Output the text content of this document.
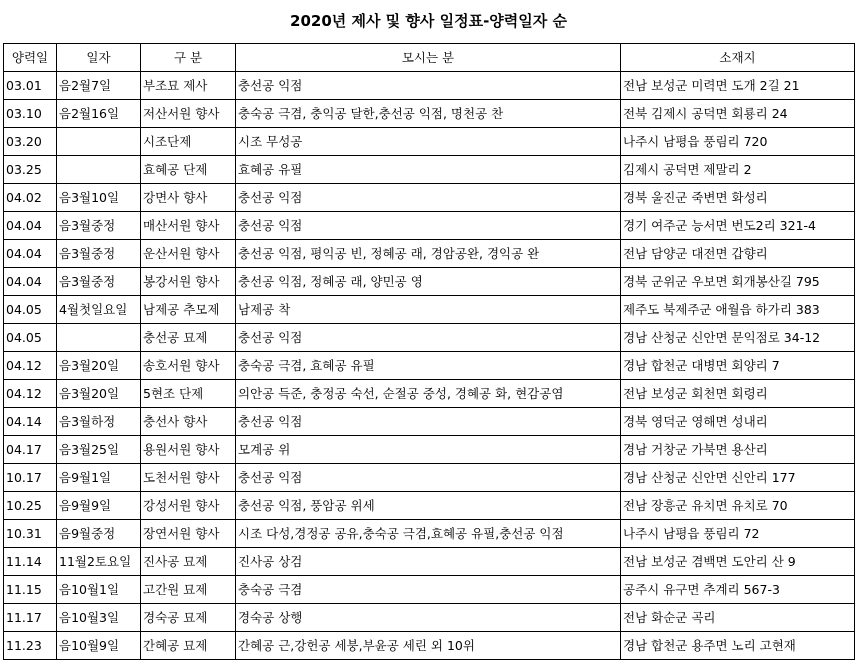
2020년 제사 및 향사 일정표-양력일자 순
양력일	일자	구 분	모시는 분	소재지
03.01	음2월7일	부조묘 제사	충선공 익점	전남 보성군 미력면 도개 2길 21
03.10	음2월16일	저산서원 향사	충숙공 극겸, 충익공 달한,충선공 익점, 명천공 찬	전북 김제시 공덕면 회룡리 24
03.20		시조단제	시조 무성공	나주시 남평읍 풍림리 720
03.25		효혜공 단제	효혜공 유필	김제시 공덕면 제말리 2
04.02	음3월10일	강면사 향사	충선공 익점	경북 울진군 죽변면 화성리
04.04	음3월중정	매산서원 향사	충선공 익점	경기 여주군 능서면 번도2리 321-4
04.04	음3월중정	운산서원 향사	충선공 익점, 평익공 빈, 정혜공 래, 경암공완, 경익공 완	전남 담양군 대전면 갑향리
04.04	음3월중정	봉강서원 향사	충선공 익점, 정혜공 래, 양민공 영	경북 군위군 우보면 회개봉산길 795
04.05	4월첫일요일	남제공 추모제	남제공 착	제주도 북제주군 애월읍 하가리 383
04.05		충선공 묘제	충선공 익점	경남 산청군 신안면 문익점로 34-12
04.12	음3월20일	송호서원 향사	충숙공 극겸, 효혜공 유필	경남 합천군 대병면 회양리 7
04.12	음3월20일	5현조 단제	의안공 득준, 충정공 숙선, 순절공 중성, 경혜공 화, 현감공염	전남 보성군 회천면 회령리
04.14	음3월하정	충선사 향사	충선공 익점	경북 영덕군 영해면 성내리
04.17	음3월25일	용원서원 향사	모계공 위	경남 거창군 가북면 용산리
10.17	음9월1일	도천서원 향사	충선공 익점	경남 산청군 신안면 신안리 177
10.25	음9월9일	강성서원 향사	충선공 익점, 풍암공 위세	전남 장흥군 유치면 유치로 70
10.31	음9월중정	장연서원 향사	시조 다성,경정공 공유,충숙공 극겸,효혜공 유필,충선공 익점	나주시 남평읍 풍림리 72
11.14	11월2토요일	진사공 묘제	진사공 상검	전남 보성군 겸백면 도안리 산 9
11.15	음10월1일	고간원 묘제	충숙공 극겸	공주시 유구면 추계리 567-3
11.17	음10월3일	경숙공 묘제	경숙공 상행	전남 화순군 곡리
11.23	음10월9일	간혜공 묘제	간혜공 근,강헌공 세붕,부윤공 세린 외 10위	경남 합천군 용주면 노리 고현재
